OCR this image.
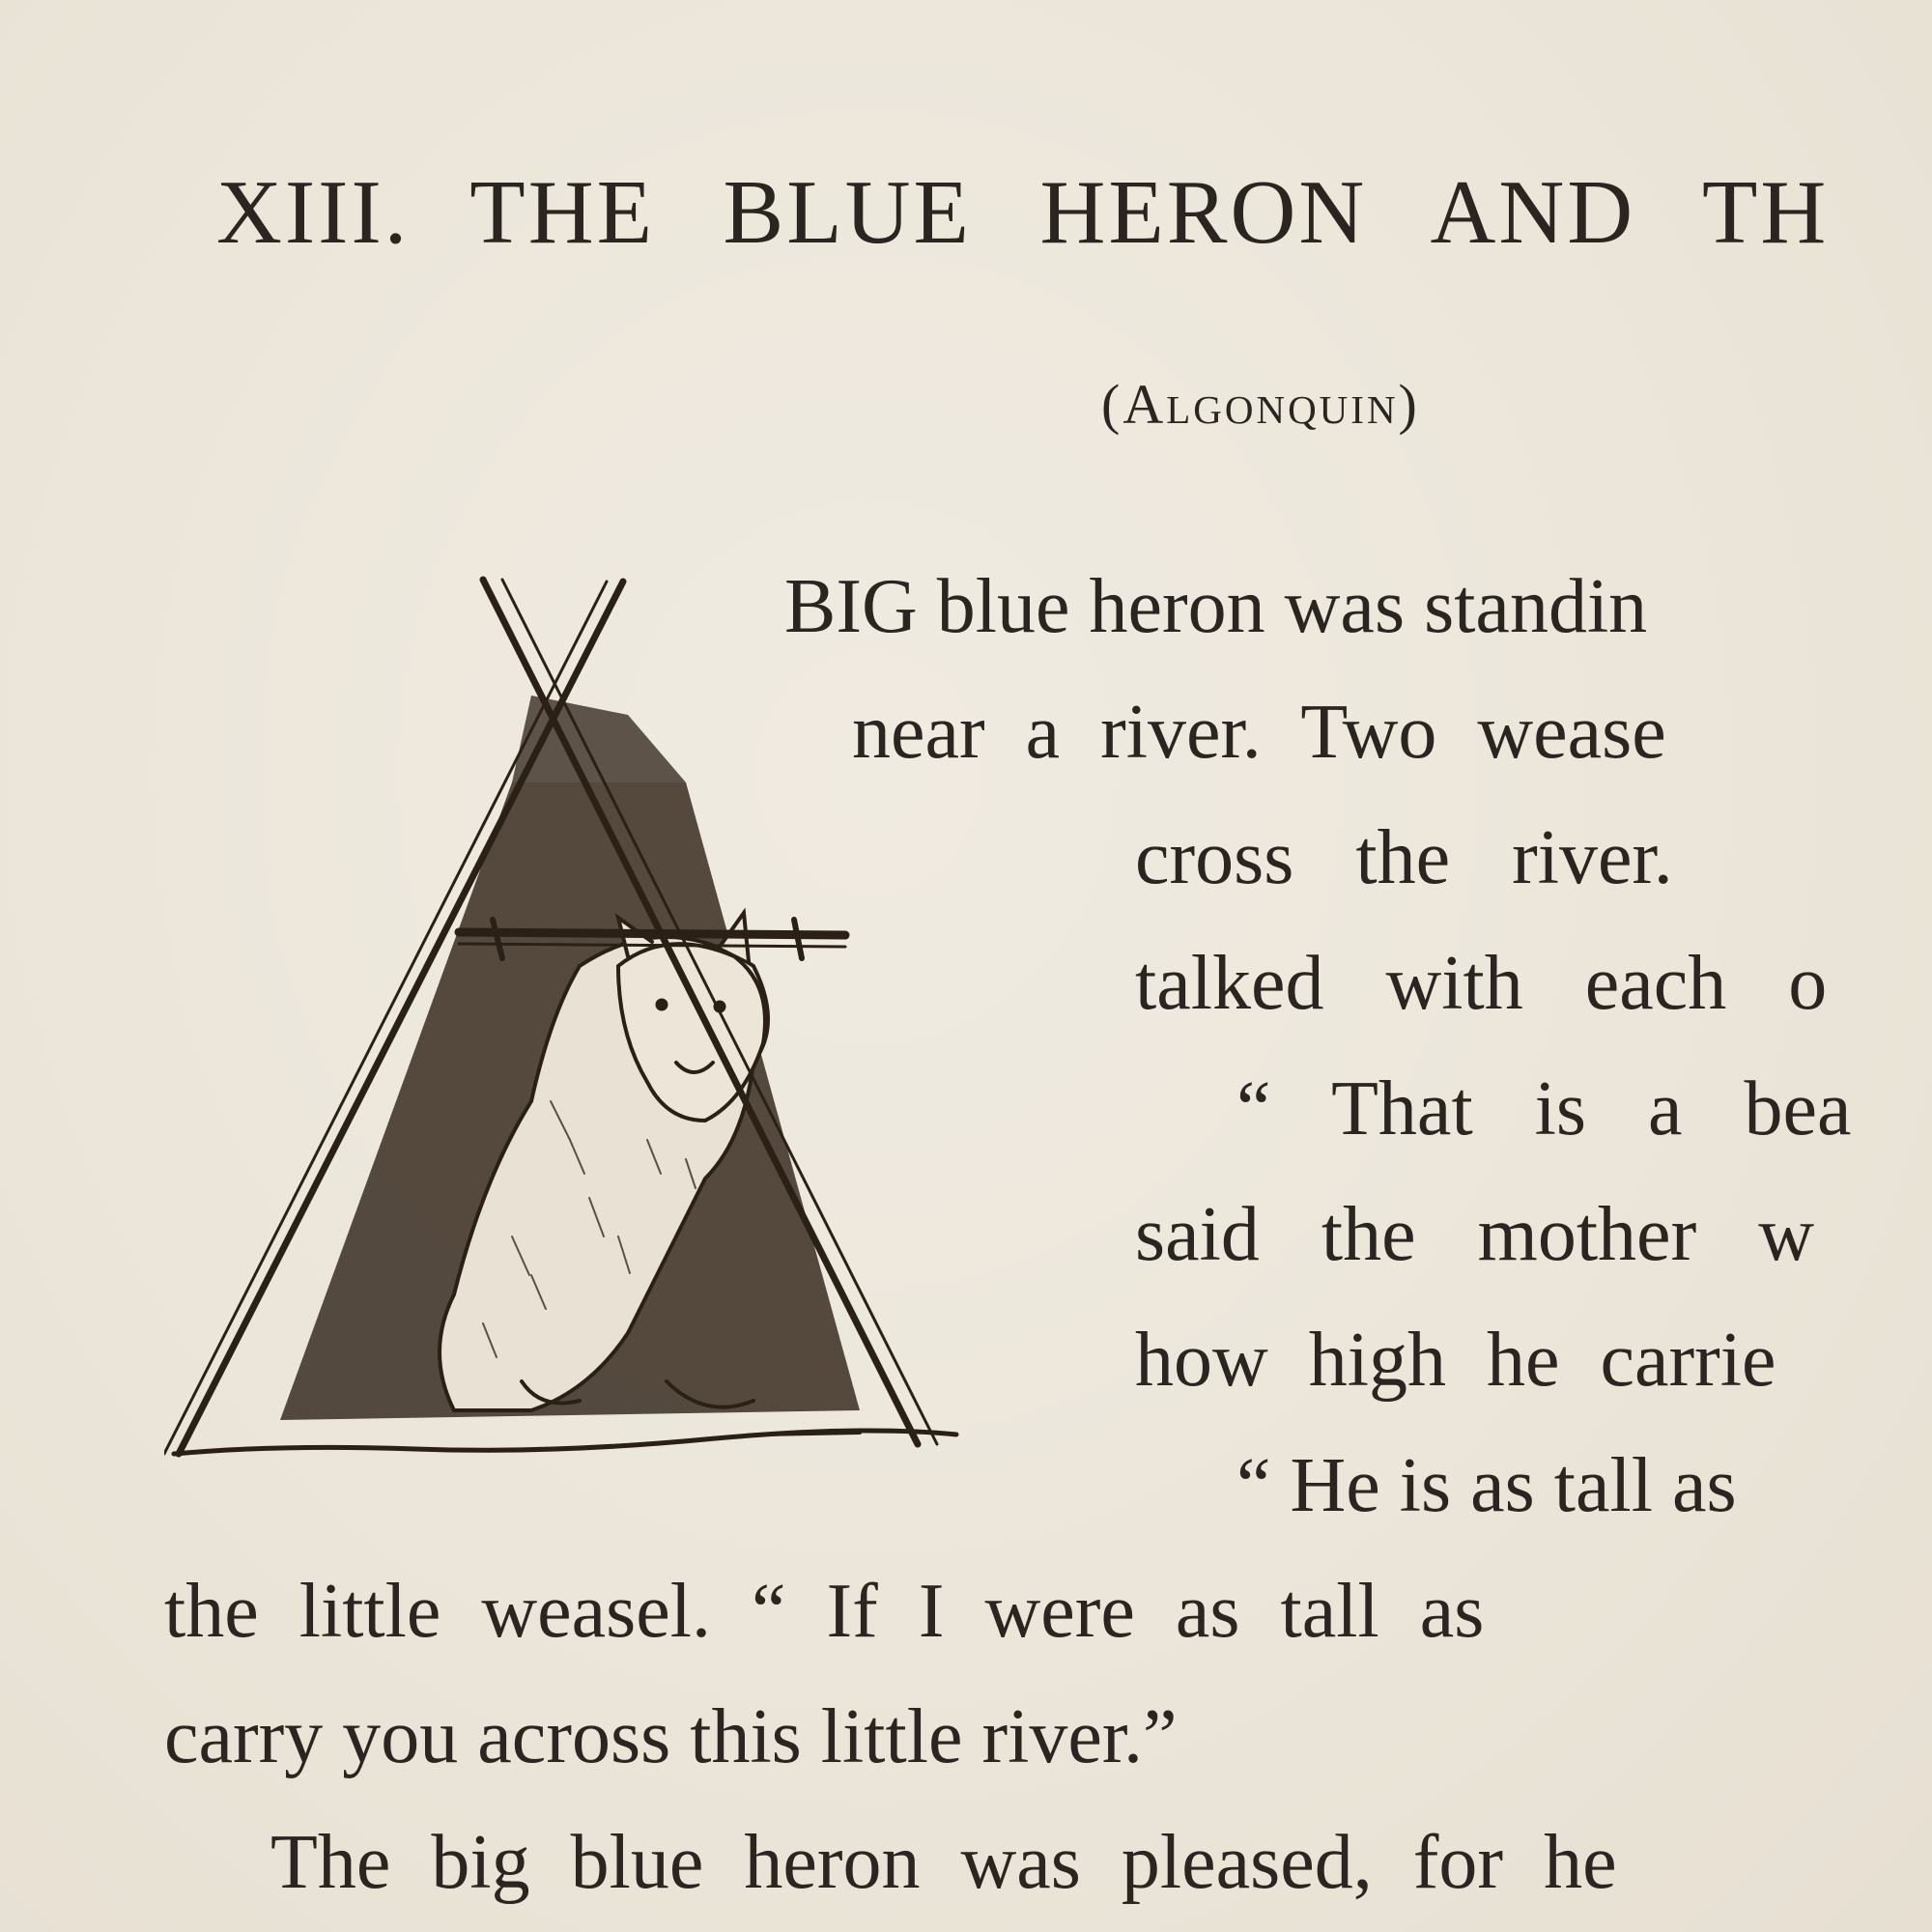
XIII. THE BLUE HERON AND TH
(Algonquin)
BIG blue heron was standin
near a river. Two wease
cross the river.
talked with each o
“ That is a bea
said the mother w
how high he carrie
“ He is as tall as
the little weasel. “ If I were as tall as
carry you across this little river.”
The big blue heron was pleased, for he
